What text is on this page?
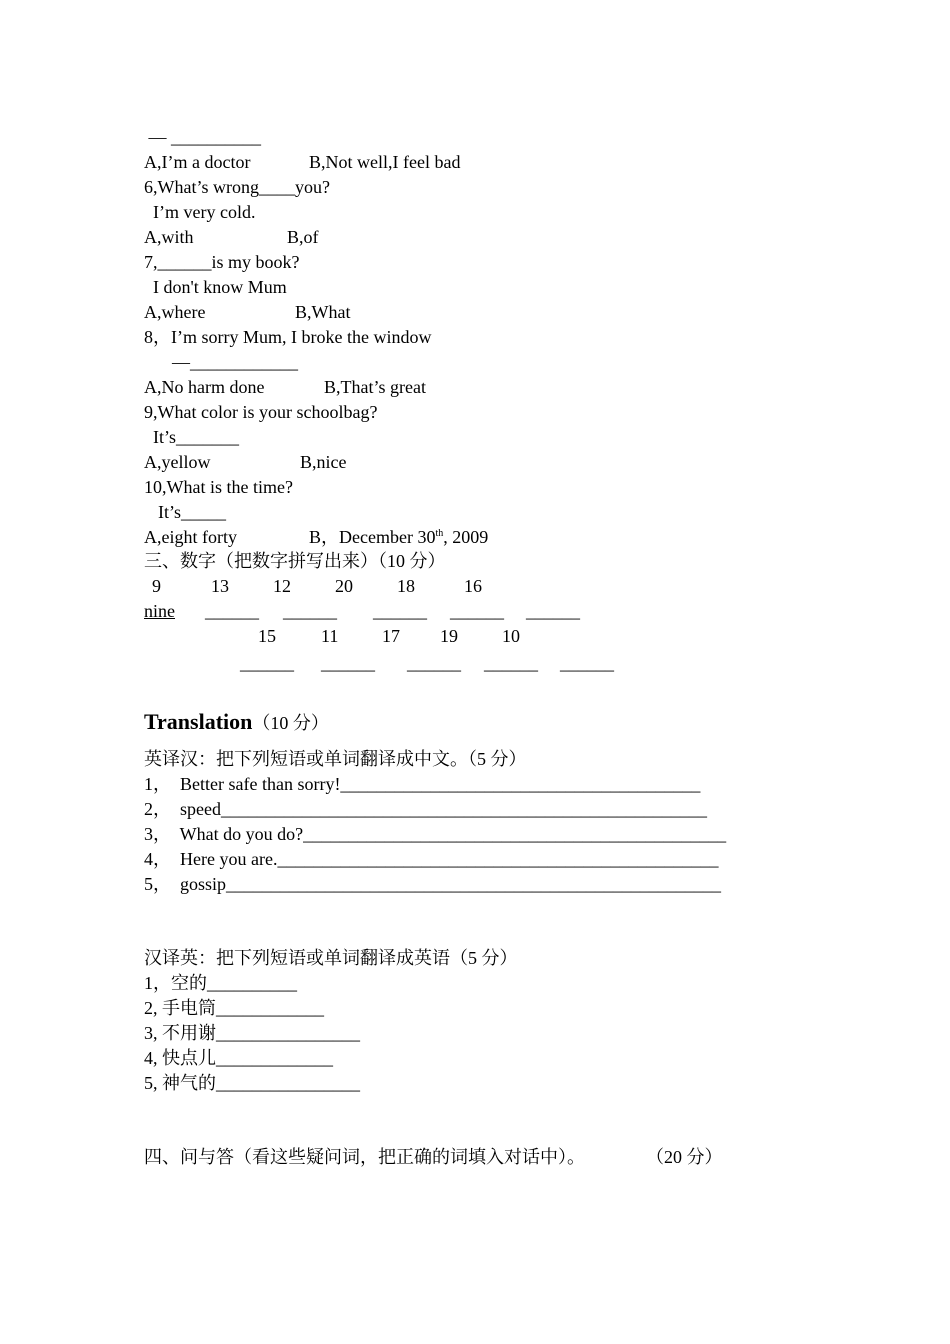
— __________
A,I’m a doctor	B,Not well,I feel bad
6,What’s wrong____you?
I’m very cold.
A,with	B,of
7,______is my book?
I don't know Mum
A,where	B,What
8，I’m sorry Mum, I broke the window
—____________
A,No harm done	B,That’s great
9,What color is your schoolbag?
It’s_______
A,yellow	B,nice
10,What is the time?
It’s_____
A,eight forty	B，December 30th, 2009
三、数字（把数字拼写出来）（10 分）
9	13 12 20 18	16
nine ______ ______ ______ ______ ______
15	11 17 19 10
______ ______ ______ ______ ______
Translation（10 分）
英译汉：把下列短语或单词翻译成中文。（5 分）
1，  Better safe than sorry!________________________________________
2，  speed______________________________________________________
3，  What do you do?_______________________________________________
4，  Here you are._________________________________________________
5，  gossip_______________________________________________________
汉译英：把下列短语或单词翻译成英语（5 分）
1，空的__________
2, 手电筒____________
3, 不用谢________________
4, 快点儿_____________
5, 神气的________________
四、问与答（看这些疑问词，把正确的词填入对话中）。	（20 分）
